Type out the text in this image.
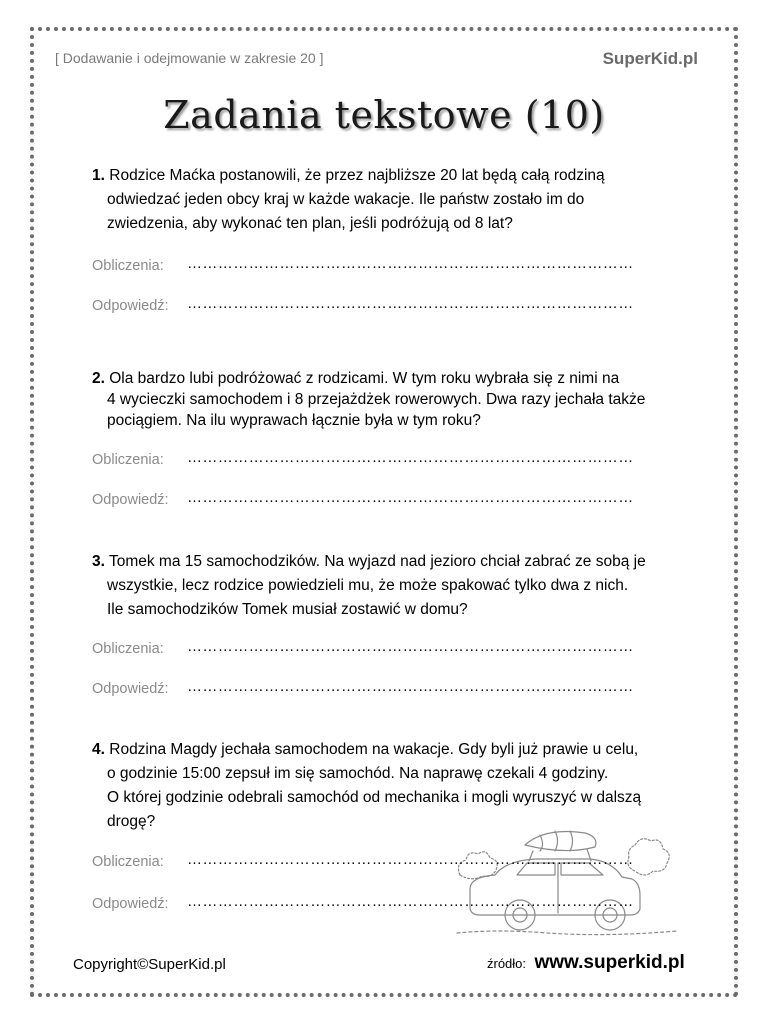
[ Dodawanie i odejmowanie w zakresie 20 ]	SuperKid.pl
Zadania tekstowe (10)
1. Rodzice Maćka postanowili, że przez najbliższe 20 lat będą całą rodziną
odwiedzać jeden obcy kraj w każde wakacje. Ile państw zostało im do
zwiedzenia, aby wykonać ten plan, jeśli podróżują od 8 lat?
Obliczenia: ……………………………………………………………………………
Odpowiedź: ……………………………………………………………………………
2. Ola bardzo lubi podróżować z rodzicami. W tym roku wybrała się z nimi na
4 wycieczki samochodem i 8 przejażdżek rowerowych. Dwa razy jechała także
pociągiem. Na ilu wyprawach łącznie była w tym roku?
Obliczenia: ……………………………………………………………………………
Odpowiedź: ……………………………………………………………………………
3. Tomek ma 15 samochodzików. Na wyjazd nad jezioro chciał zabrać ze sobą je
wszystkie, lecz rodzice powiedzieli mu, że może spakować tylko dwa z nich.
Ile samochodzików Tomek musiał zostawić w domu?
Obliczenia: ……………………………………………………………………………
Odpowiedź: ……………………………………………………………………………
4. Rodzina Magdy jechała samochodem na wakacje. Gdy byli już prawie u celu,
o godzinie 15:00 zepsuł im się samochód. Na naprawę czekali 4 godziny.
O której godzinie odebrali samochód od mechanika i mogli wyruszyć w dalszą
drogę?
Obliczenia: ……………………………………………………………………………
Odpowiedź: ……………………………………………………………………………
Copyright©SuperKid.pl	źródło: www.superkid.pl
